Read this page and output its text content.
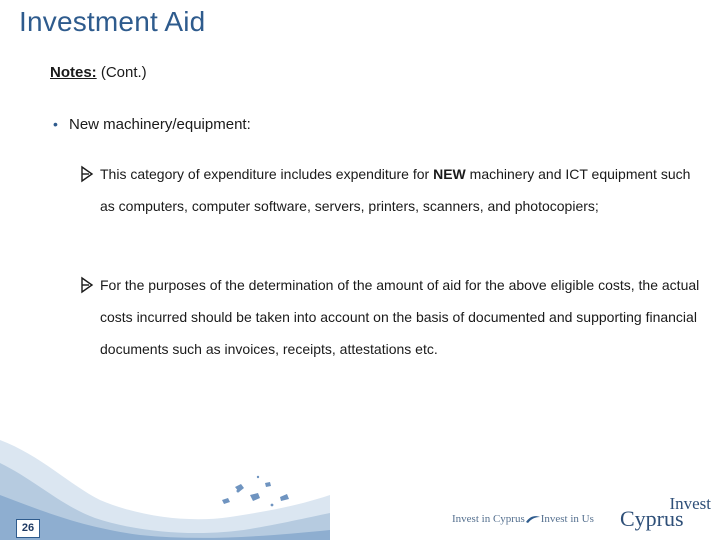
Investment Aid
Notes: (Cont.)
• New machinery/equipment:
This category of expenditure includes expenditure for NEW machinery and ICT equipment such as computers, computer software, servers, printers, scanners, and photocopiers;
For the purposes of the determination of the amount of aid for the above eligible costs, the actual costs incurred should be taken into account on the basis of documented and supporting financial documents such as invoices, receipts, attestations etc.
26
Invest in Cyprus Invest in Us
Invest
Cyprus
